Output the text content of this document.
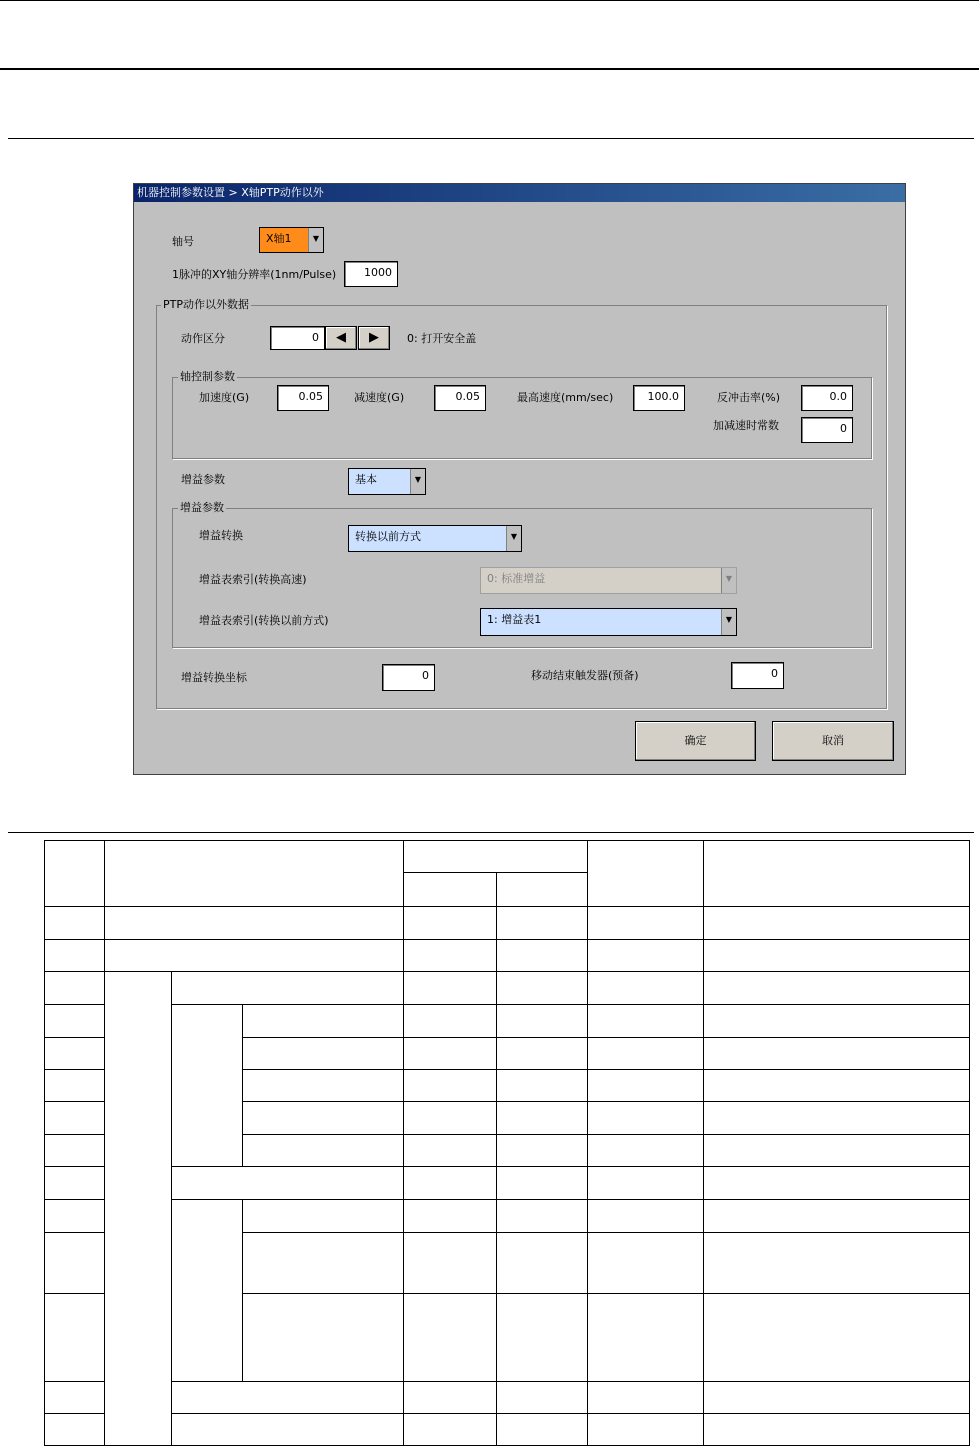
机器控制参数设置 > X轴PTP动作以外
轴号	X轴1	▼
1脉冲的XY轴分辨率(1nm/Pulse)	1000
PTP动作以外数据
动作区分	0	◀	▶	0: 打开安全盖
轴控制参数
加速度(G)	0.05	减速度(G)	0.05	最高速度(mm/sec)	100.0	反冲击率(%)	0.0
加减速时常数	0
增益参数	基本	▼
增益参数
增益转换	转换以前方式	▼
增益表索引(转换高速)	0: 标准增益	▼
增益表索引(转换以前方式)	1: 增益表1	▼
增益转换坐标	0	移动结束触发器(预备)	0
确定	取消
